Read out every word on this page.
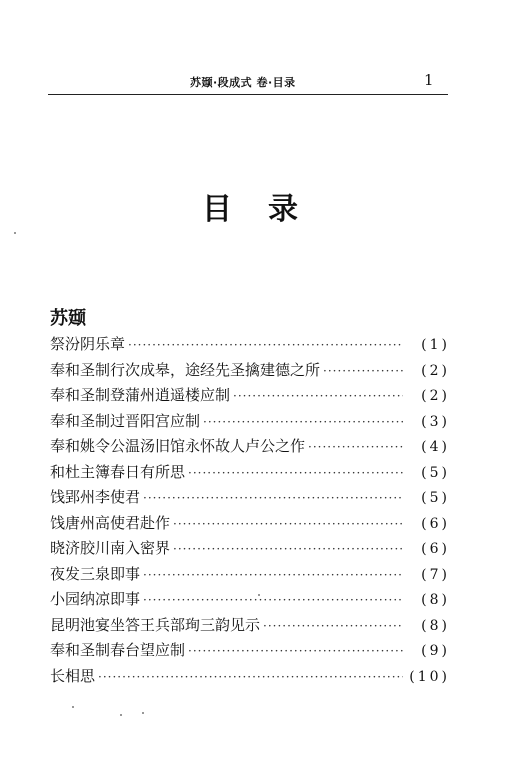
苏颋·段成式 卷·目录	1
目录
苏颋
祭汾阴乐章 ·····	(1)
奉和圣制行次成皋，途经先圣擒建德之所 ·····	(2)
奉和圣制登蒲州逍遥楼应制 ·····	(2)
奉和圣制过晋阳宫应制 ·····	(3)
奉和姚令公温汤旧馆永怀故人卢公之作 ·····	(4)
和杜主簿春日有所思 ·····	(5)
饯郢州李使君 ·····	(5)
饯唐州高使君赴作 ·····	(6)
晓济胶川南入密界 ·····	(6)
夜发三泉即事 ·····	(7)
小园纳凉即事 ·····	(8)
昆明池宴坐答王兵部珣三韵见示 ·····	(8)
奉和圣制春台望应制 ·····	(9)
长相思 ·····	(10)
